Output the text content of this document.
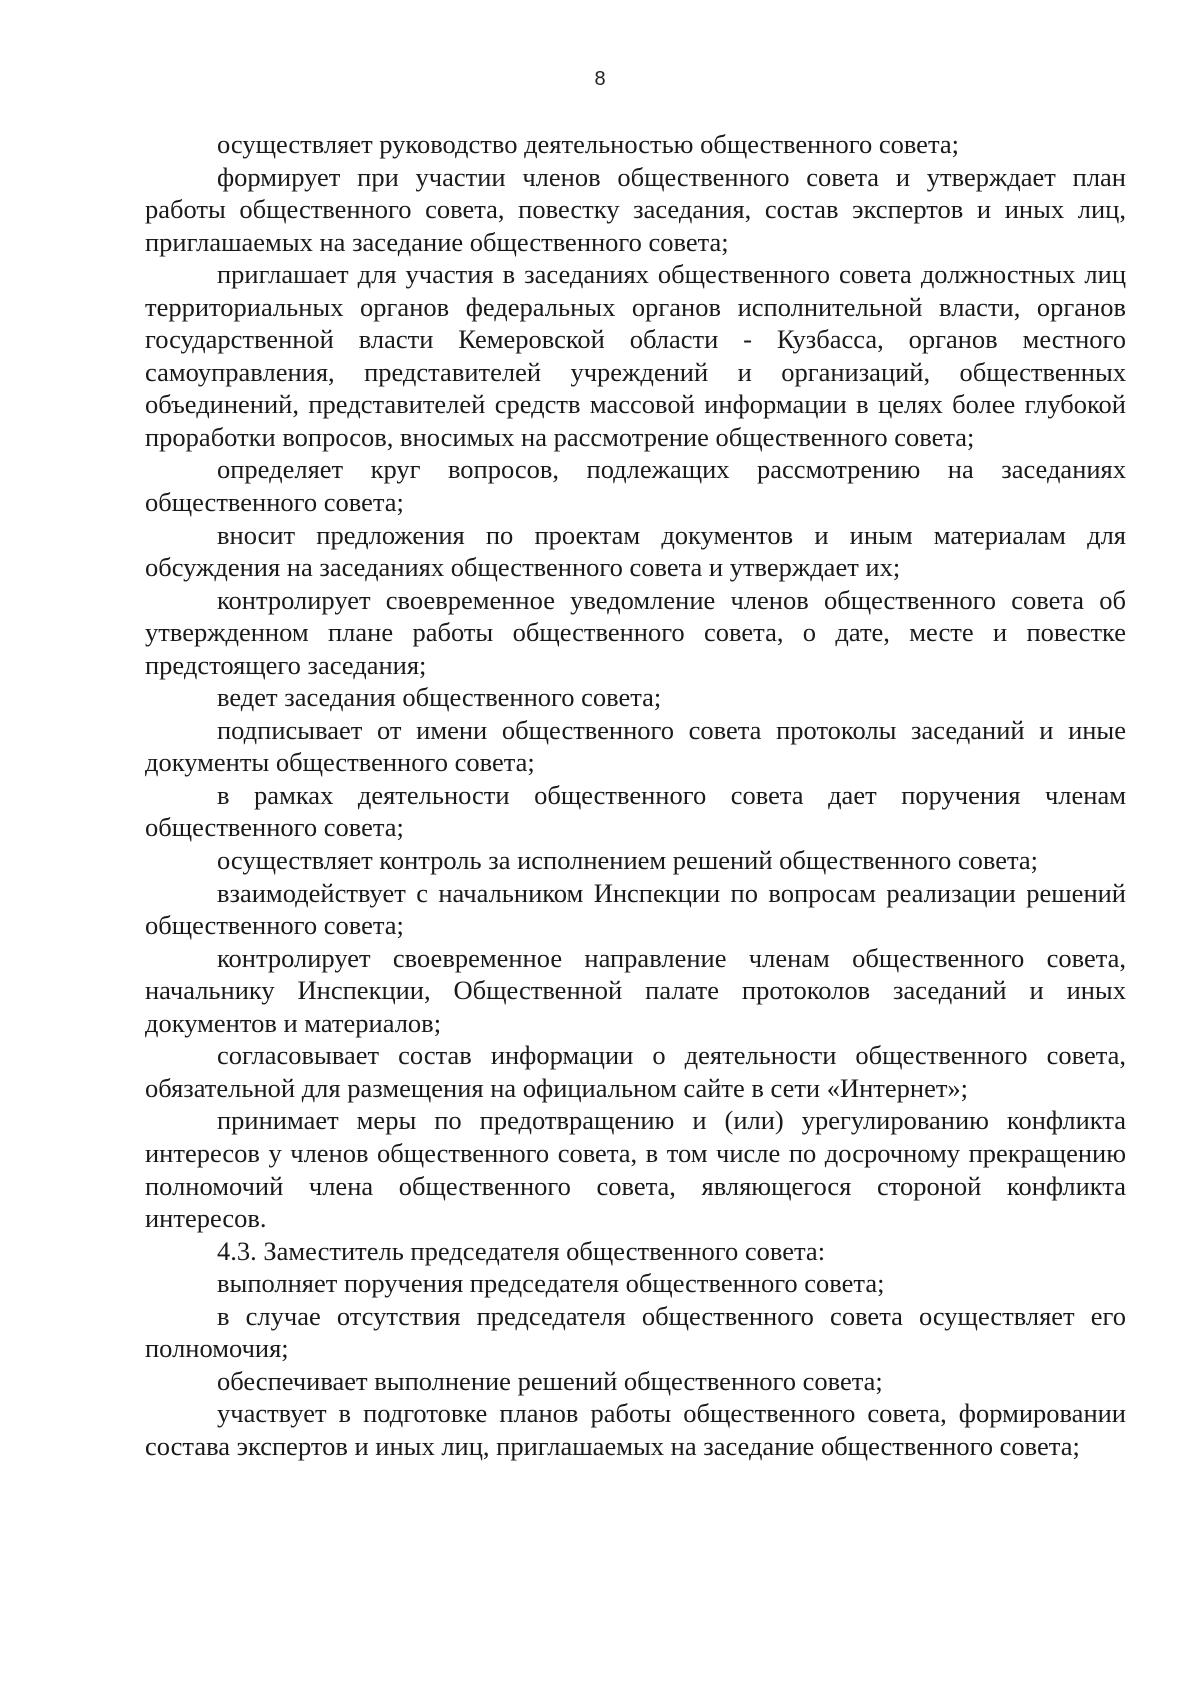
8

осуществляет руководство деятельностью общественного совета;

формирует при участии членов общественного совета и утверждает план работы общественного совета, повестку заседания, состав экспертов и иных лиц, приглашаемых на заседание общественного совета;

приглашает для участия в заседаниях общественного совета должностных лиц территориальных органов федеральных органов исполнительной власти, органов государственной власти Кемеровской области - Кузбасса, органов местного самоуправления, представителей учреждений и организаций, общественных объединений, представителей средств массовой информации в целях более глубокой проработки вопросов, вносимых на рассмотрение общественного совета;

определяет круг вопросов, подлежащих рассмотрению на заседаниях общественного совета;

вносит предложения по проектам документов и иным материалам для обсуждения на заседаниях общественного совета и утверждает их;

контролирует своевременное уведомление членов общественного совета об утвержденном плане работы общественного совета, о дате, месте и повестке предстоящего заседания;

ведет заседания общественного совета;

подписывает от имени общественного совета протоколы заседаний и иные документы общественного совета;

в рамках деятельности общественного совета дает поручения членам общественного совета;

осуществляет контроль за исполнением решений общественного совета;

взаимодействует с начальником Инспекции по вопросам реализации решений общественного совета;

контролирует своевременное направление членам общественного совета, начальнику Инспекции, Общественной палате протоколов заседаний и иных документов и материалов;

согласовывает состав информации о деятельности общественного совета, обязательной для размещения на официальном сайте в сети «Интернет»;

принимает меры по предотвращению и (или) урегулированию конфликта интересов у членов общественного совета, в том числе по досрочному прекращению полномочий члена общественного совета, являющегося стороной конфликта интересов.

4.3. Заместитель председателя общественного совета:

выполняет поручения председателя общественного совета;

в случае отсутствия председателя общественного совета осуществляет его полномочия;

обеспечивает выполнение решений общественного совета;

участвует в подготовке планов работы общественного совета, формировании состава экспертов и иных лиц, приглашаемых на заседание общественного совета;
